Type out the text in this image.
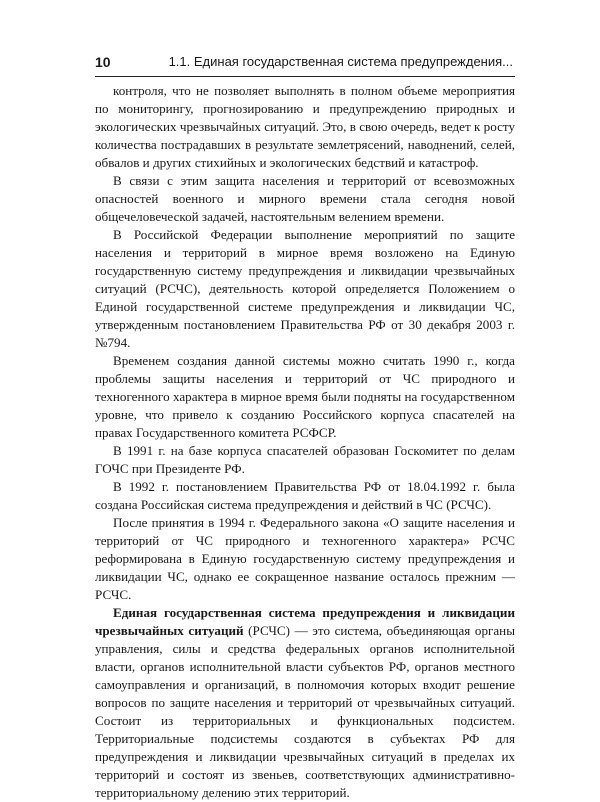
10	1.1. Единая государственная система предупреждения...

контроля, что не позволяет выполнять в полном объеме мероприятия по мониторингу, прогнозированию и предупреждению природных и экологических чрезвычайных ситуаций. Это, в свою очередь, ведет к росту количества пострадавших в результате землетрясений, наводнений, селей, обвалов и других стихийных и экологических бедствий и катастроф.

В связи с этим защита населения и территорий от всевозможных опасностей военного и мирного времени стала сегодня новой общечеловеческой задачей, настоятельным велением времени.

В Российской Федерации выполнение мероприятий по защите населения и территорий в мирное время возложено на Единую государственную систему предупреждения и ликвидации чрезвычайных ситуаций (РСЧС), деятельность которой определяется Положением о Единой государственной системе предупреждения и ликвидации ЧС, утвержденным постановлением Правительства РФ от 30 декабря 2003 г. №794.

Временем создания данной системы можно считать 1990 г., когда проблемы защиты населения и территорий от ЧС природного и техногенного характера в мирное время были подняты на государственном уровне, что привело к созданию Российского корпуса спасателей на правах Государственного комитета РСФСР.

В 1991 г. на базе корпуса спасателей образован Госкомитет по делам ГОЧС при Президенте РФ.

В 1992 г. постановлением Правительства РФ от 18.04.1992 г. была создана Российская система предупреждения и действий в ЧС (РСЧС).

После принятия в 1994 г. Федерального закона «О защите населения и территорий от ЧС природного и техногенного характера» РСЧС реформирована в Единую государственную систему предупреждения и ликвидации ЧС, однако ее сокращенное название осталось прежним — РСЧС.

Единая государственная система предупреждения и ликвидации чрезвычайных ситуаций (РСЧС) — это система, объединяющая органы управления, силы и средства федеральных органов исполнительной власти, органов исполнительной власти субъектов РФ, органов местного самоуправления и организаций, в полномочия которых входит решение вопросов по защите населения и территорий от чрезвычайных ситуаций. Состоит из территориальных и функциональных подсистем. Территориальные подсистемы создаются в субъектах РФ для предупреждения и ликвидации чрезвычайных ситуаций в пределах их территорий и состоят из звеньев, соответствующих административно-территориальному делению этих территорий.
